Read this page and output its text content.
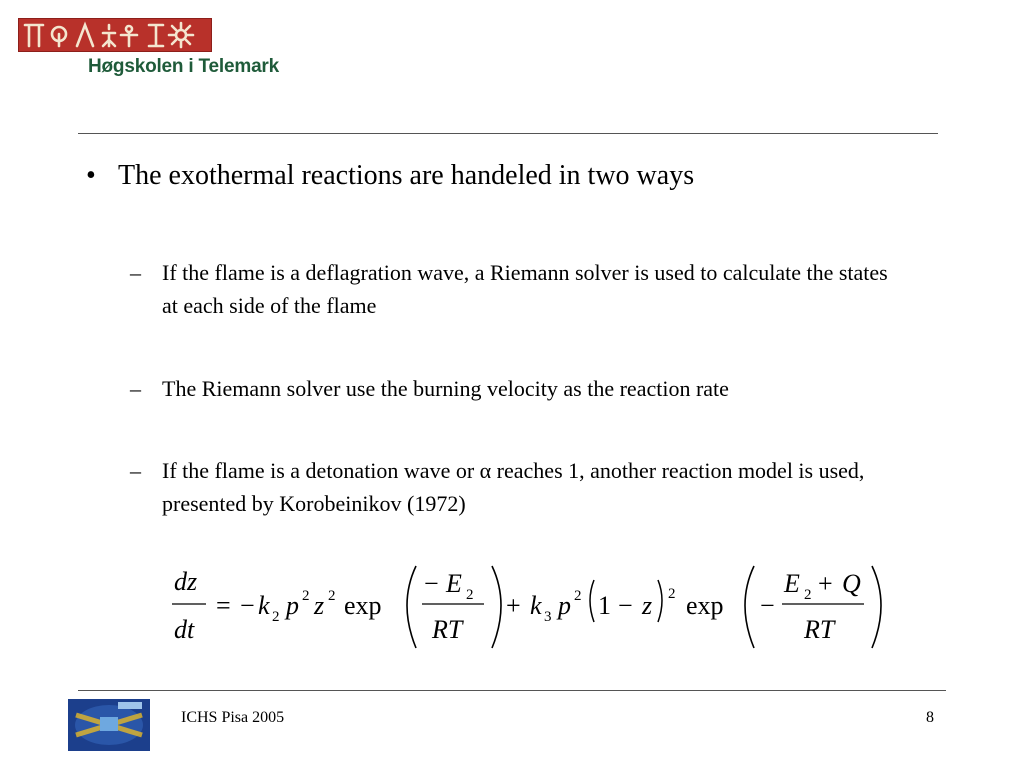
Høgskolen i Telemark
• The exothermal reactions are handeled in two ways
– If the flame is a deflagration wave, a Riemann solver is used to calculate the states at each side of the flame
– The Riemann solver use the burning velocity as the reaction rate
– If the flame is a detonation wave or α reaches 1, another reaction model is used, presented by Korobeinikov (1972)
dz
dt
= − k 2 p 2 z 2 exp
− E 2
RT
+ k 3 p 2 1 − z 2 exp −
E 2 + Q
RT
ICHS Pisa 2005	8
